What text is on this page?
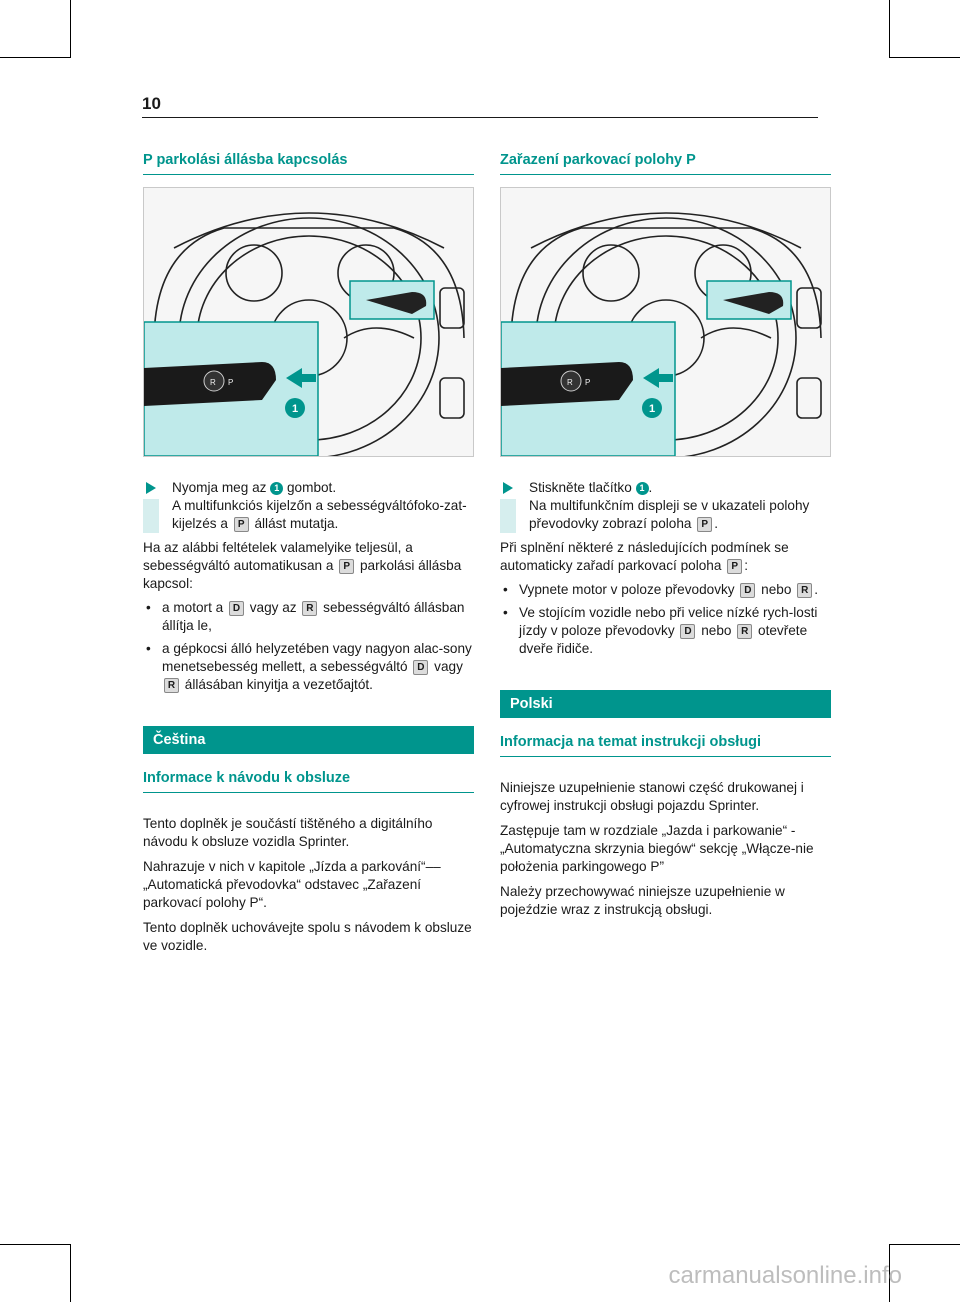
10
P parkolási állásba kapcsolás
R P
1
Nyomja meg az 1 gombot.
A multifunkciós kijelzőn a sebességváltófoko-zat-kijelzés a P állást mutatja.

Ha az alábbi feltételek valamelyike teljesül, a sebességváltó automatikusan a P parkolási állásba kapcsol:

• a motort a D vagy az R sebességváltó állásban állítja le,
• a gépkocsi álló helyzetében vagy nagyon alac-sony menetsebesség mellett, a sebességváltó D vagy R állásában kinyitja a vezetőajtót.
Čeština
Informace k návodu k obsluze

Tento doplněk je součástí tištěného a digitálního návodu k obsluze vozidla Sprinter.

Nahrazuje v nich v kapitole „Jízda a parkování“–– „Automatická převodovka“ odstavec „Zařazení parkovací polohy P“.

Tento doplněk uchovávejte spolu s návodem k obsluze ve vozidle.

Zařazení parkovací polohy P
R P
1
Stiskněte tlačítko 1 .
Na multifunkčním displeji se v ukazateli polohy převodovky zobrazí poloha P .

Při splnění některé z následujících podmínek se automaticky zařadí parkovací poloha P :

• Vypnete motor v poloze převodovky D nebo R .
• Ve stojícím vozidle nebo při velice nízké rych-losti jízdy v poloze převodovky D nebo R otevřete dveře řidiče.
Polski
Informacja na temat instrukcji obsługi

Niniejsze uzupełnienie stanowi część drukowanej i cyfrowej instrukcji obsługi pojazdu Sprinter.

Zastępuje tam w rozdziale „Jazda i parkowanie“ - „Automatyczna skrzynia biegów“ sekcję „Włącze-nie położenia parkingowego P”

Należy przechowywać niniejsze uzupełnienie w pojeździe wraz z instrukcją obsługi.

carmanualsonline.info
